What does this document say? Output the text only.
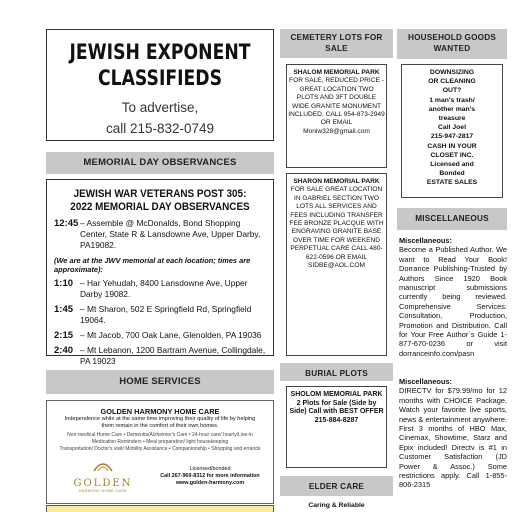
JEWISH EXPONENT
CLASSIFIEDS
To advertise,
call 215-832-0749
MEMORIAL DAY OBSERVANCES
JEWISH WAR VETERANS POST 305:
2022 MEMORIAL DAY OBSERVANCES
12:45 – Assemble @ McDonalds, Bond Shopping Center, State R & Lansdowne Ave, Upper Darby, PA19082.
(We are at the JWV memorial at each location; times are approximate):
1:10 – Har Yehudah, 8400 Lansdowne Ave, Upper Darby 19082.
1:45 – Mt Sharon, 502 E Springfield Rd, Springfield 19064.
2:15 – Mt Jacob, 700 Oak Lane, Glenolden, PA 19036
2:40 – Mt Lebanon, 1200 Bartram Avenue, Collingdale, PA 19023
HOME SERVICES
GOLDEN HARMONY HOME CARE
Independence while at the same time improving their quality of life by helping
them remain in the comfort of their own homes.
Non-medical Home Care • Dementia/Alzheimer's Care • 24-hour care/ hourly/Live-in
Medication Reminders • Meal preparation/ light housekeeping
Transportation/ Doctor's visit/ Mobility Assistance • Companionship • Shopping and errands
GOLDEN
HARMONY HOME CARE
Licensed/bonded
Call 267-969-8312 for more information
www.golden-harmony.com
CEMETERY LOTS FOR SALE
SHALOM MEMORIAL PARK
FOR SALE, REDUCED PRICE - GREAT LOCATION TWO PLOTS AND 3FT DOUBLE WIDE GRANITE MONUMENT INCLUDED. CALL 954-873-2949 OR EMAIL
Moniw328@gmail.com
SHARON MEMORIAL PARK
FOR SALE GREAT LOCATION IN GABRIEL SECTION TWO LOTS ALL SERVICES AND FEES INCLUDING TRANSFER FEE BRONZE PLACQUE WITH ENGRAVING GRANITE BASE OVER TIME FOR WEEKEND PERPETUAL CARE CALL 480-622-0596 OR EMAIL
SIDBE@AOL.COM
BURIAL PLOTS
SHOLOM MEMORIAL PARK
2 Plots for Sale (Side by Side) Call with BEST OFFER
215-884-8287
ELDER CARE
Caring & Reliable
HOUSEHOLD GOODS WANTED
DOWNSIZING
OR CLEANING
OUT?
1 man's trash/
another man's
treasure
Call Joel
215-947-2817
CASH IN YOUR
CLOSET INC.
Licensed and
Bonded
ESTATE SALES
MISCELLANEOUS
Miscellaneous:
Become a Published Author. We want to Read Your Book! Dorrance Publishing-Trusted by Authors Since 1920 Book manuscript submissions currently being reviewed. Comprehensive Services: Consultation, Production, Promotion and Distribution. Call for Your Free Author`s Guide 1-877-670-0236 or visit dorranceinfo.com/pasn
Miscellaneous:
DIRECTV for $79.99/mo for 12 months with CHOICE Package. Watch your favorite live sports, news & entertainment anywhere. First 3 months of HBO Max, Cinemax, Showtime, Starz and Epix included! Directv is #1 in Customer Satisfaction (JD Power & Assoc.) Some restrictions apply. Call 1-855-806-2315
